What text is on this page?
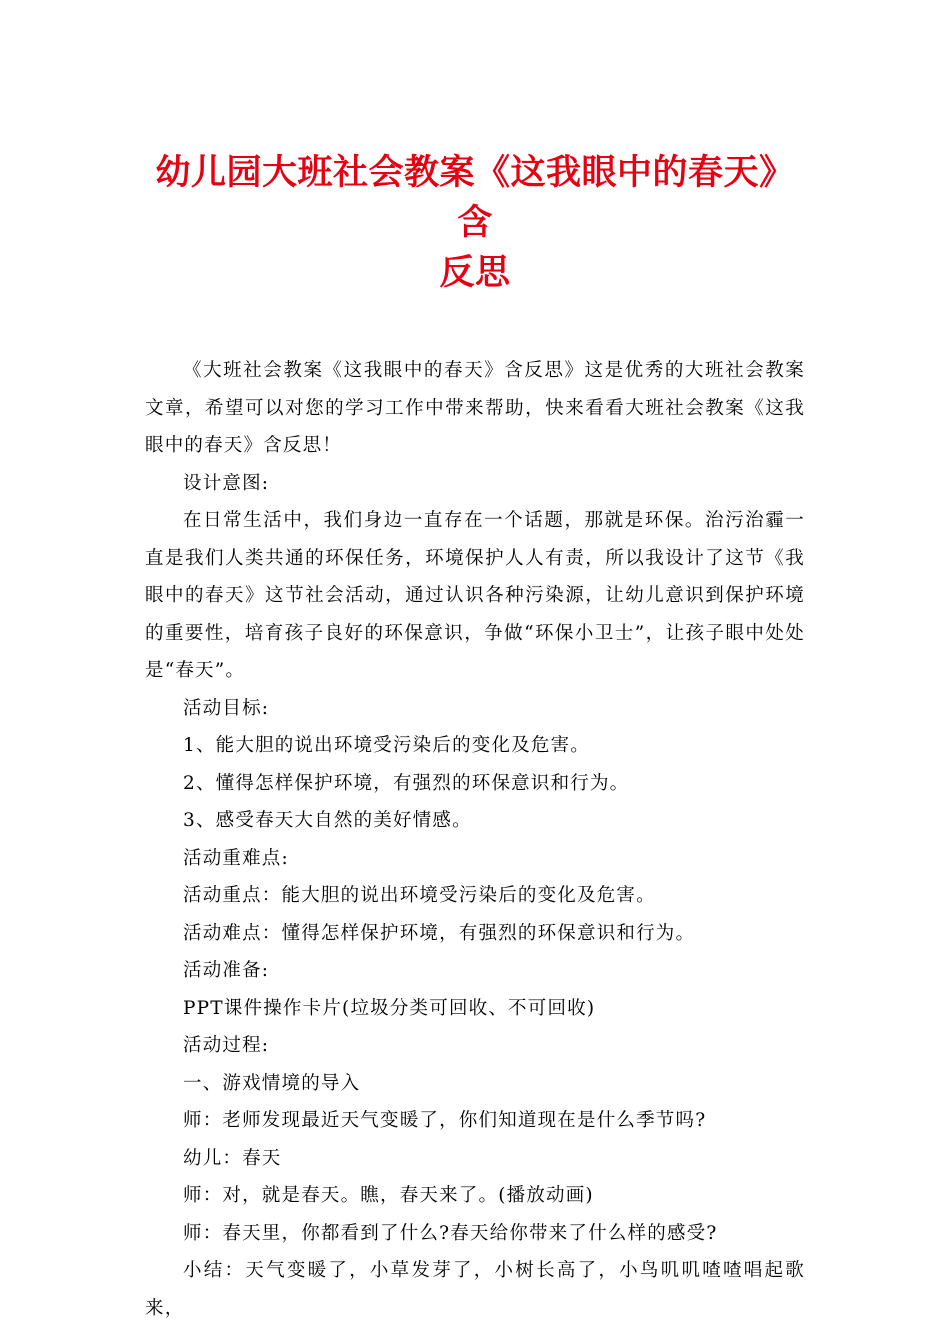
幼儿园大班社会教案《这我眼中的春天》含
反思

《大班社会教案《这我眼中的春天》含反思》这是优秀的大班社会教案文章，希望可以对您的学习工作中带来帮助，快来看看大班社会教案《这我眼中的春天》含反思！

设计意图:

在日常生活中，我们身边一直存在一个话题，那就是环保。治污治霾一直是我们人类共通的环保任务，环境保护人人有责，所以我设计了这节《我眼中的春天》这节社会活动，通过认识各种污染源，让幼儿意识到保护环境的重要性，培育孩子良好的环保意识，争做“环保小卫士”，让孩子眼中处处是“春天”。

活动目标:

1、能大胆的说出环境受污染后的变化及危害。

2、懂得怎样保护环境，有强烈的环保意识和行为。

3、感受春天大自然的美好情感。

活动重难点:

活动重点：能大胆的说出环境受污染后的变化及危害。

活动难点：懂得怎样保护环境，有强烈的环保意识和行为。

活动准备:

PPT课件操作卡片(垃圾分类可回收、不可回收)

活动过程:

一、游戏情境的导入

师：老师发现最近天气变暖了，你们知道现在是什么季节吗?

幼儿：春天

师：对，就是春天。瞧，春天来了。(播放动画)

师：春天里，你都看到了什么?春天给你带来了什么样的感受?

小结：天气变暖了，小草发芽了，小树长高了，小鸟叽叽喳喳唱起歌来，
